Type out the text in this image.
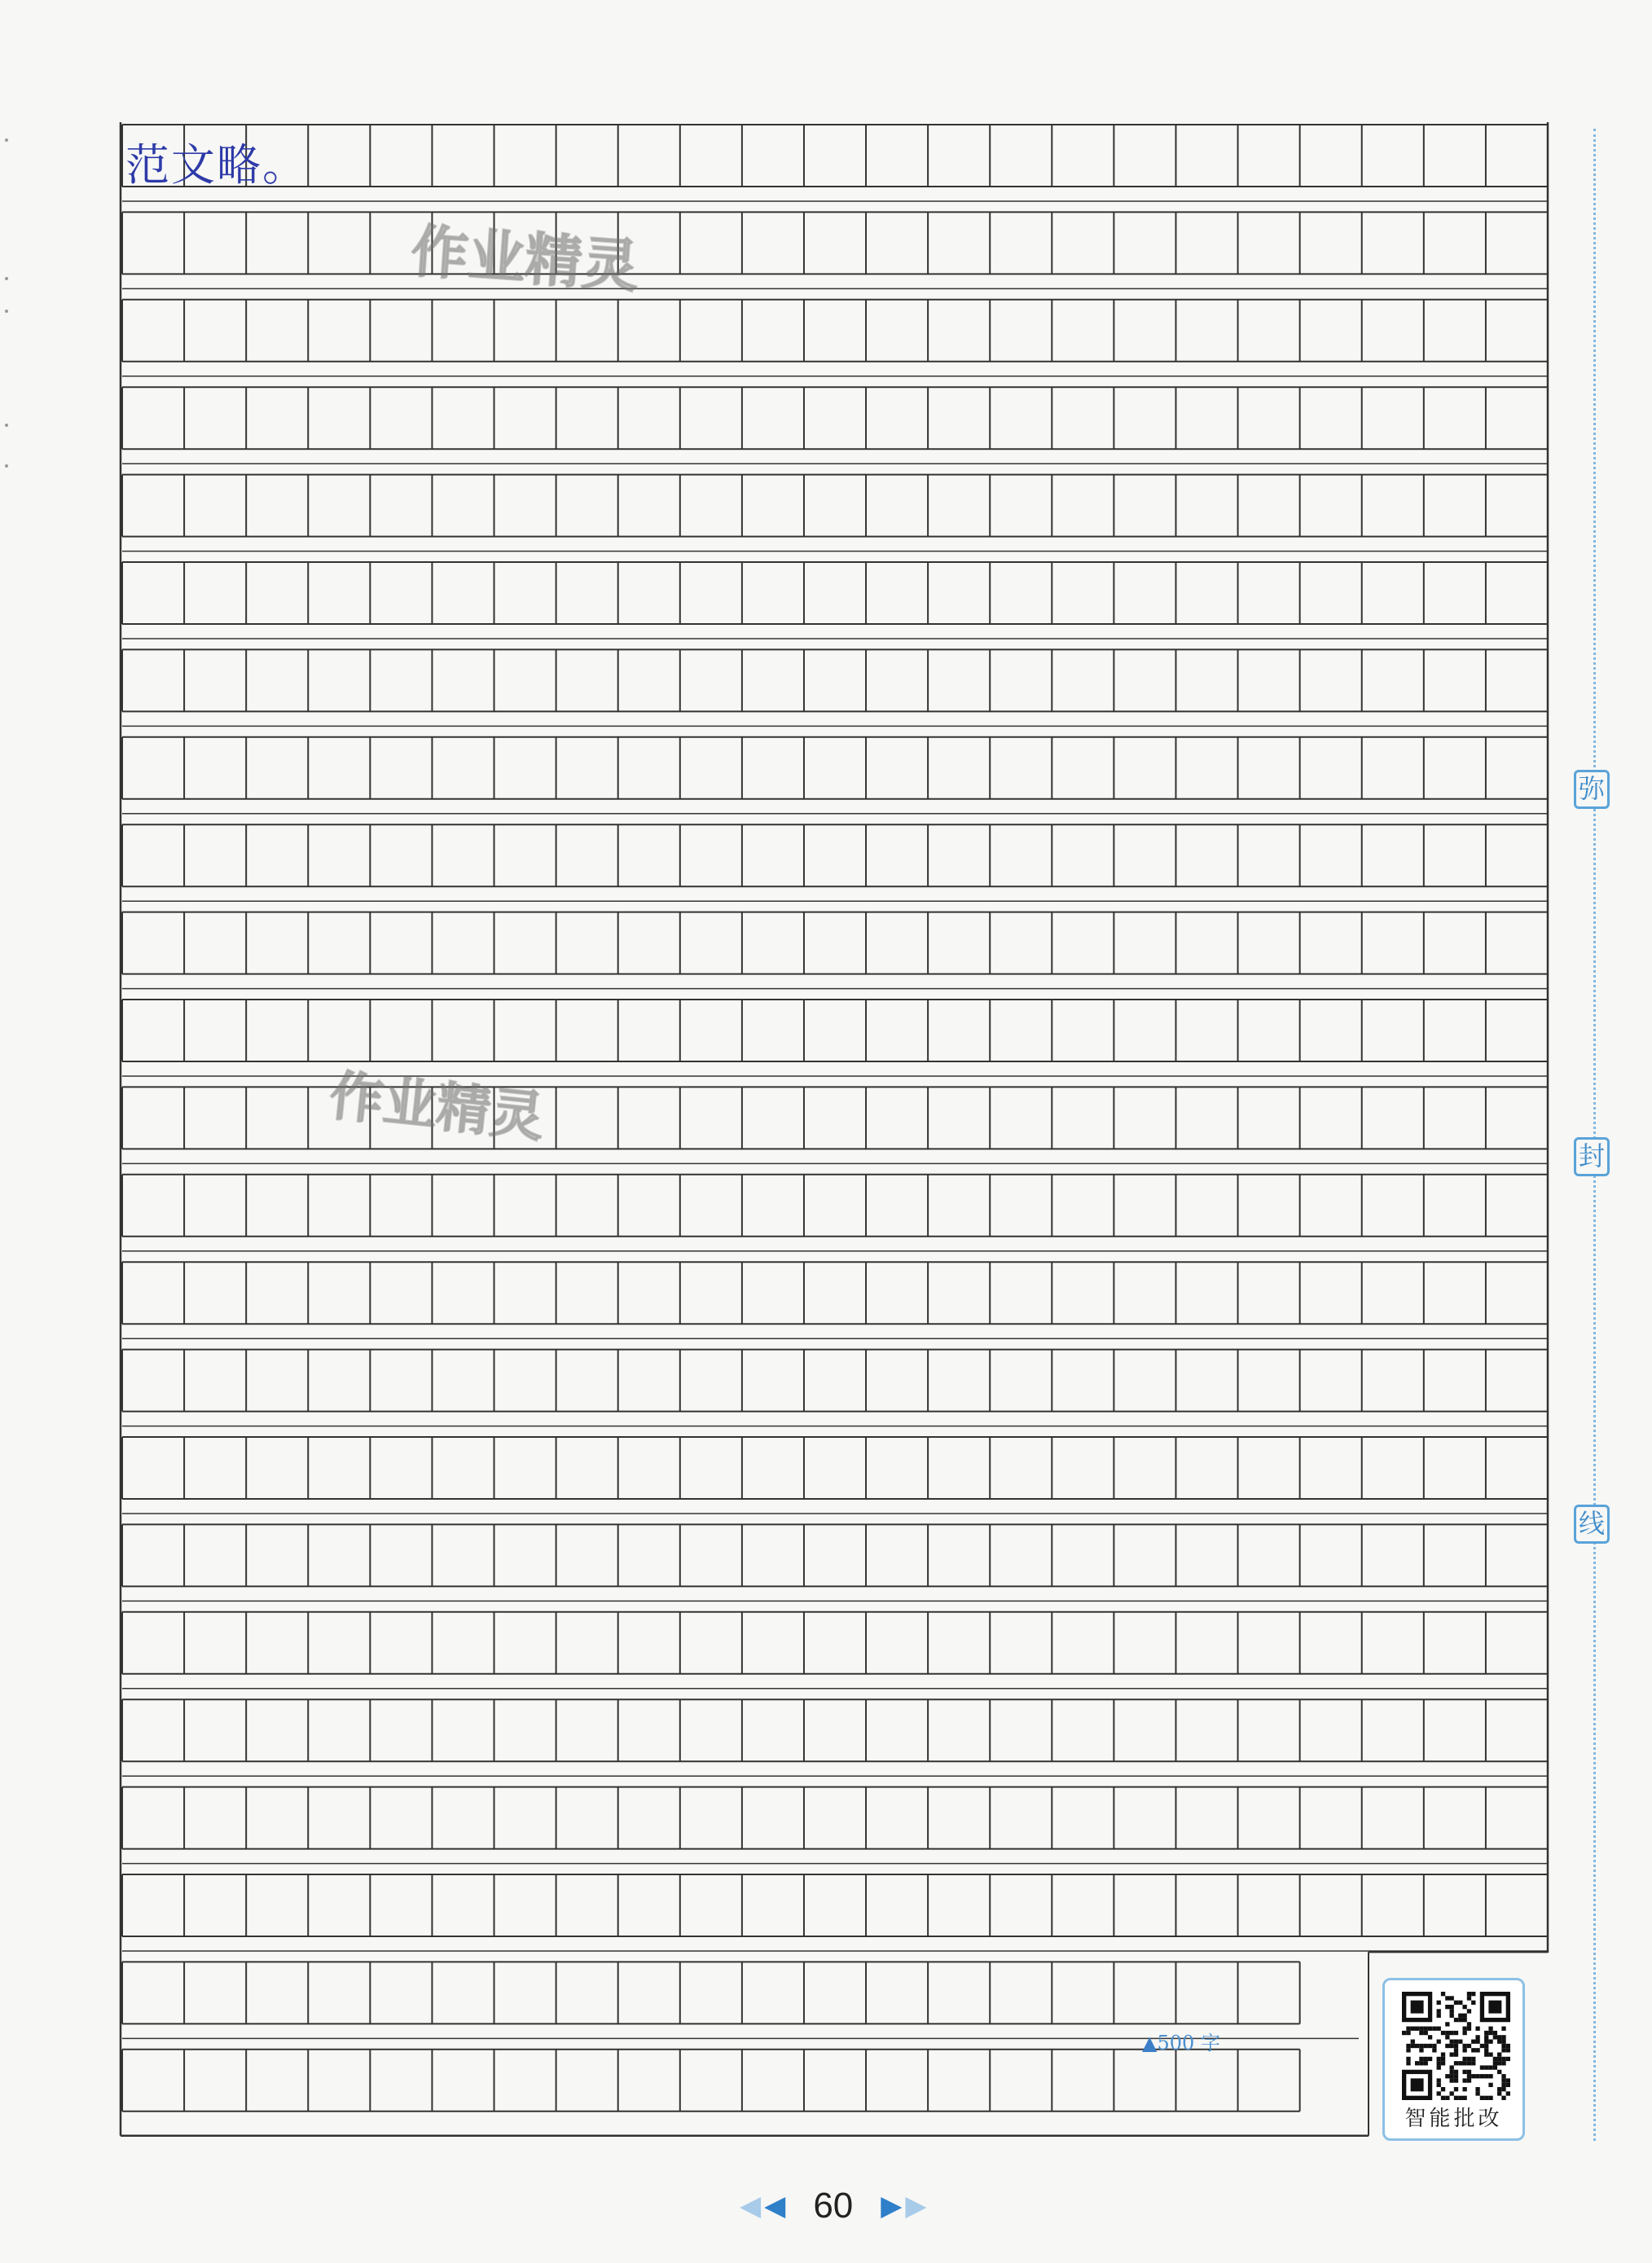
范文略。
作业精灵
作业精灵
▲500 字
智能批改
弥
封
线
◀ ◀ 60 ▶ ▶
